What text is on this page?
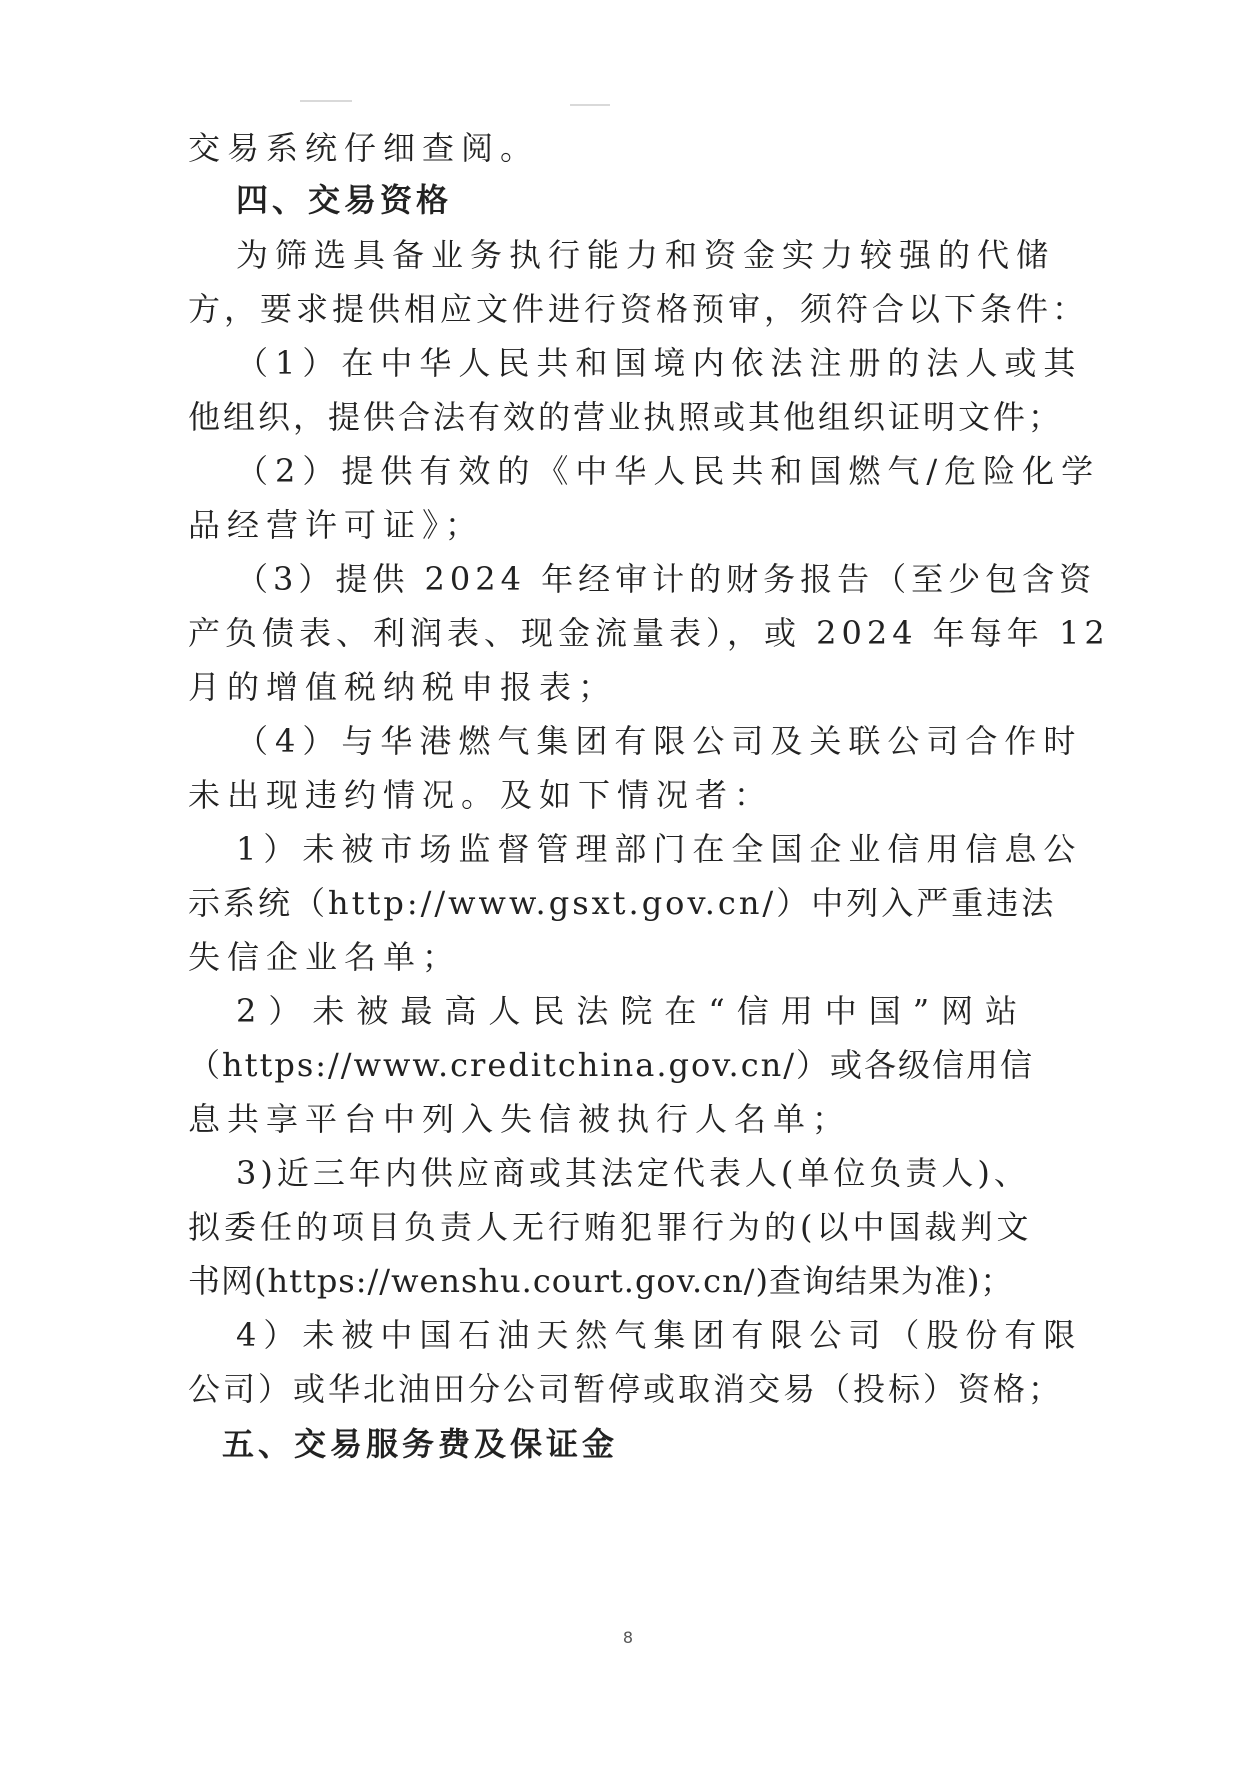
交易系统仔细查阅。
四、交易资格
为筛选具备业务执行能力和资金实力较强的代储
方，要求提供相应文件进行资格预审，须符合以下条件：
（1）在中华人民共和国境内依法注册的法人或其
他组织，提供合法有效的营业执照或其他组织证明文件；
（2）提供有效的《中华人民共和国燃气/危险化学
品经营许可证》；
（3）提供 2024 年经审计的财务报告（至少包含资
产负债表、利润表、现金流量表），或 2024 年每年 12
月的增值税纳税申报表；
（4）与华港燃气集团有限公司及关联公司合作时
未出现违约情况。及如下情况者：
1）未被市场监督管理部门在全国企业信用信息公
示系统（http://www.gsxt.gov.cn/）中列入严重违法
失信企业名单；
2）未被最高人民法院在“信用中国”网站
（https://www.creditchina.gov.cn/）或各级信用信
息共享平台中列入失信被执行人名单；
3)近三年内供应商或其法定代表人(单位负责人)、
拟委任的项目负责人无行贿犯罪行为的(以中国裁判文
书网(https://wenshu.court.gov.cn/)查询结果为准)；
4）未被中国石油天然气集团有限公司（股份有限
公司）或华北油田分公司暂停或取消交易（投标）资格；
五、交易服务费及保证金
8
